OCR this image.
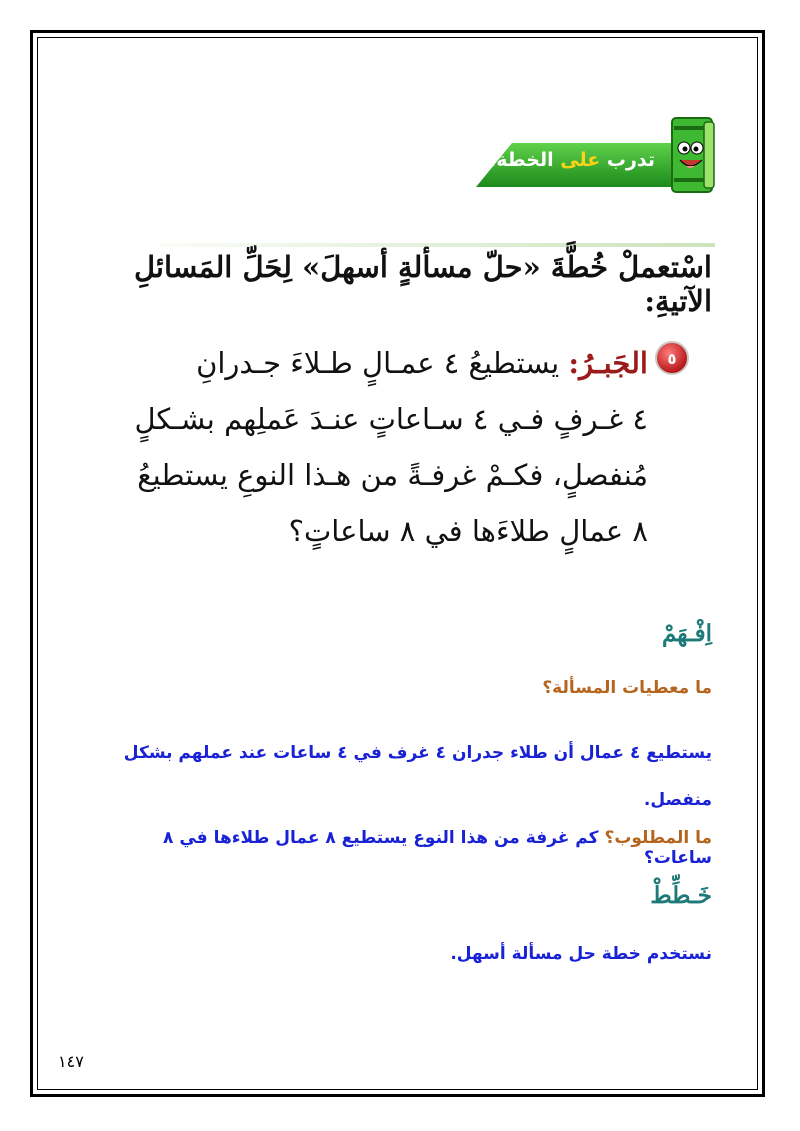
تدرب على الخطة:
اسْتعملْ خُطَّةَ «حلّ مسألةٍ أسهلَ» لِحَلِّ المَسائلِ الآتيةِ:
٥
الجَبـرُ: يستطيعُ ٤ عمـالٍ طـلاءَ جـدرانِ
٤ غـرفٍ فـي ٤ سـاعاتٍ عنـدَ عَملِهم بشـكلٍ
مُنفصلٍ، فكـمْ غرفـةً من هـذا النوعِ يستطيعُ
٨ عمالٍ طلاءَها في ٨ ساعاتٍ؟
اِفْـهَمْ
ما معطيات المسألة؟
يستطيع ٤ عمال أن طلاء جدران ٤ غرف في ٤ ساعات عند عملهم بشكل منفصل.
ما المطلوب؟ كم غرفة من هذا النوع يستطيع ٨ عمال طلاءها في ٨ ساعات؟
خَـطِّطْ
نستخدم خطة حل مسألة أسهل.
١٤٧
